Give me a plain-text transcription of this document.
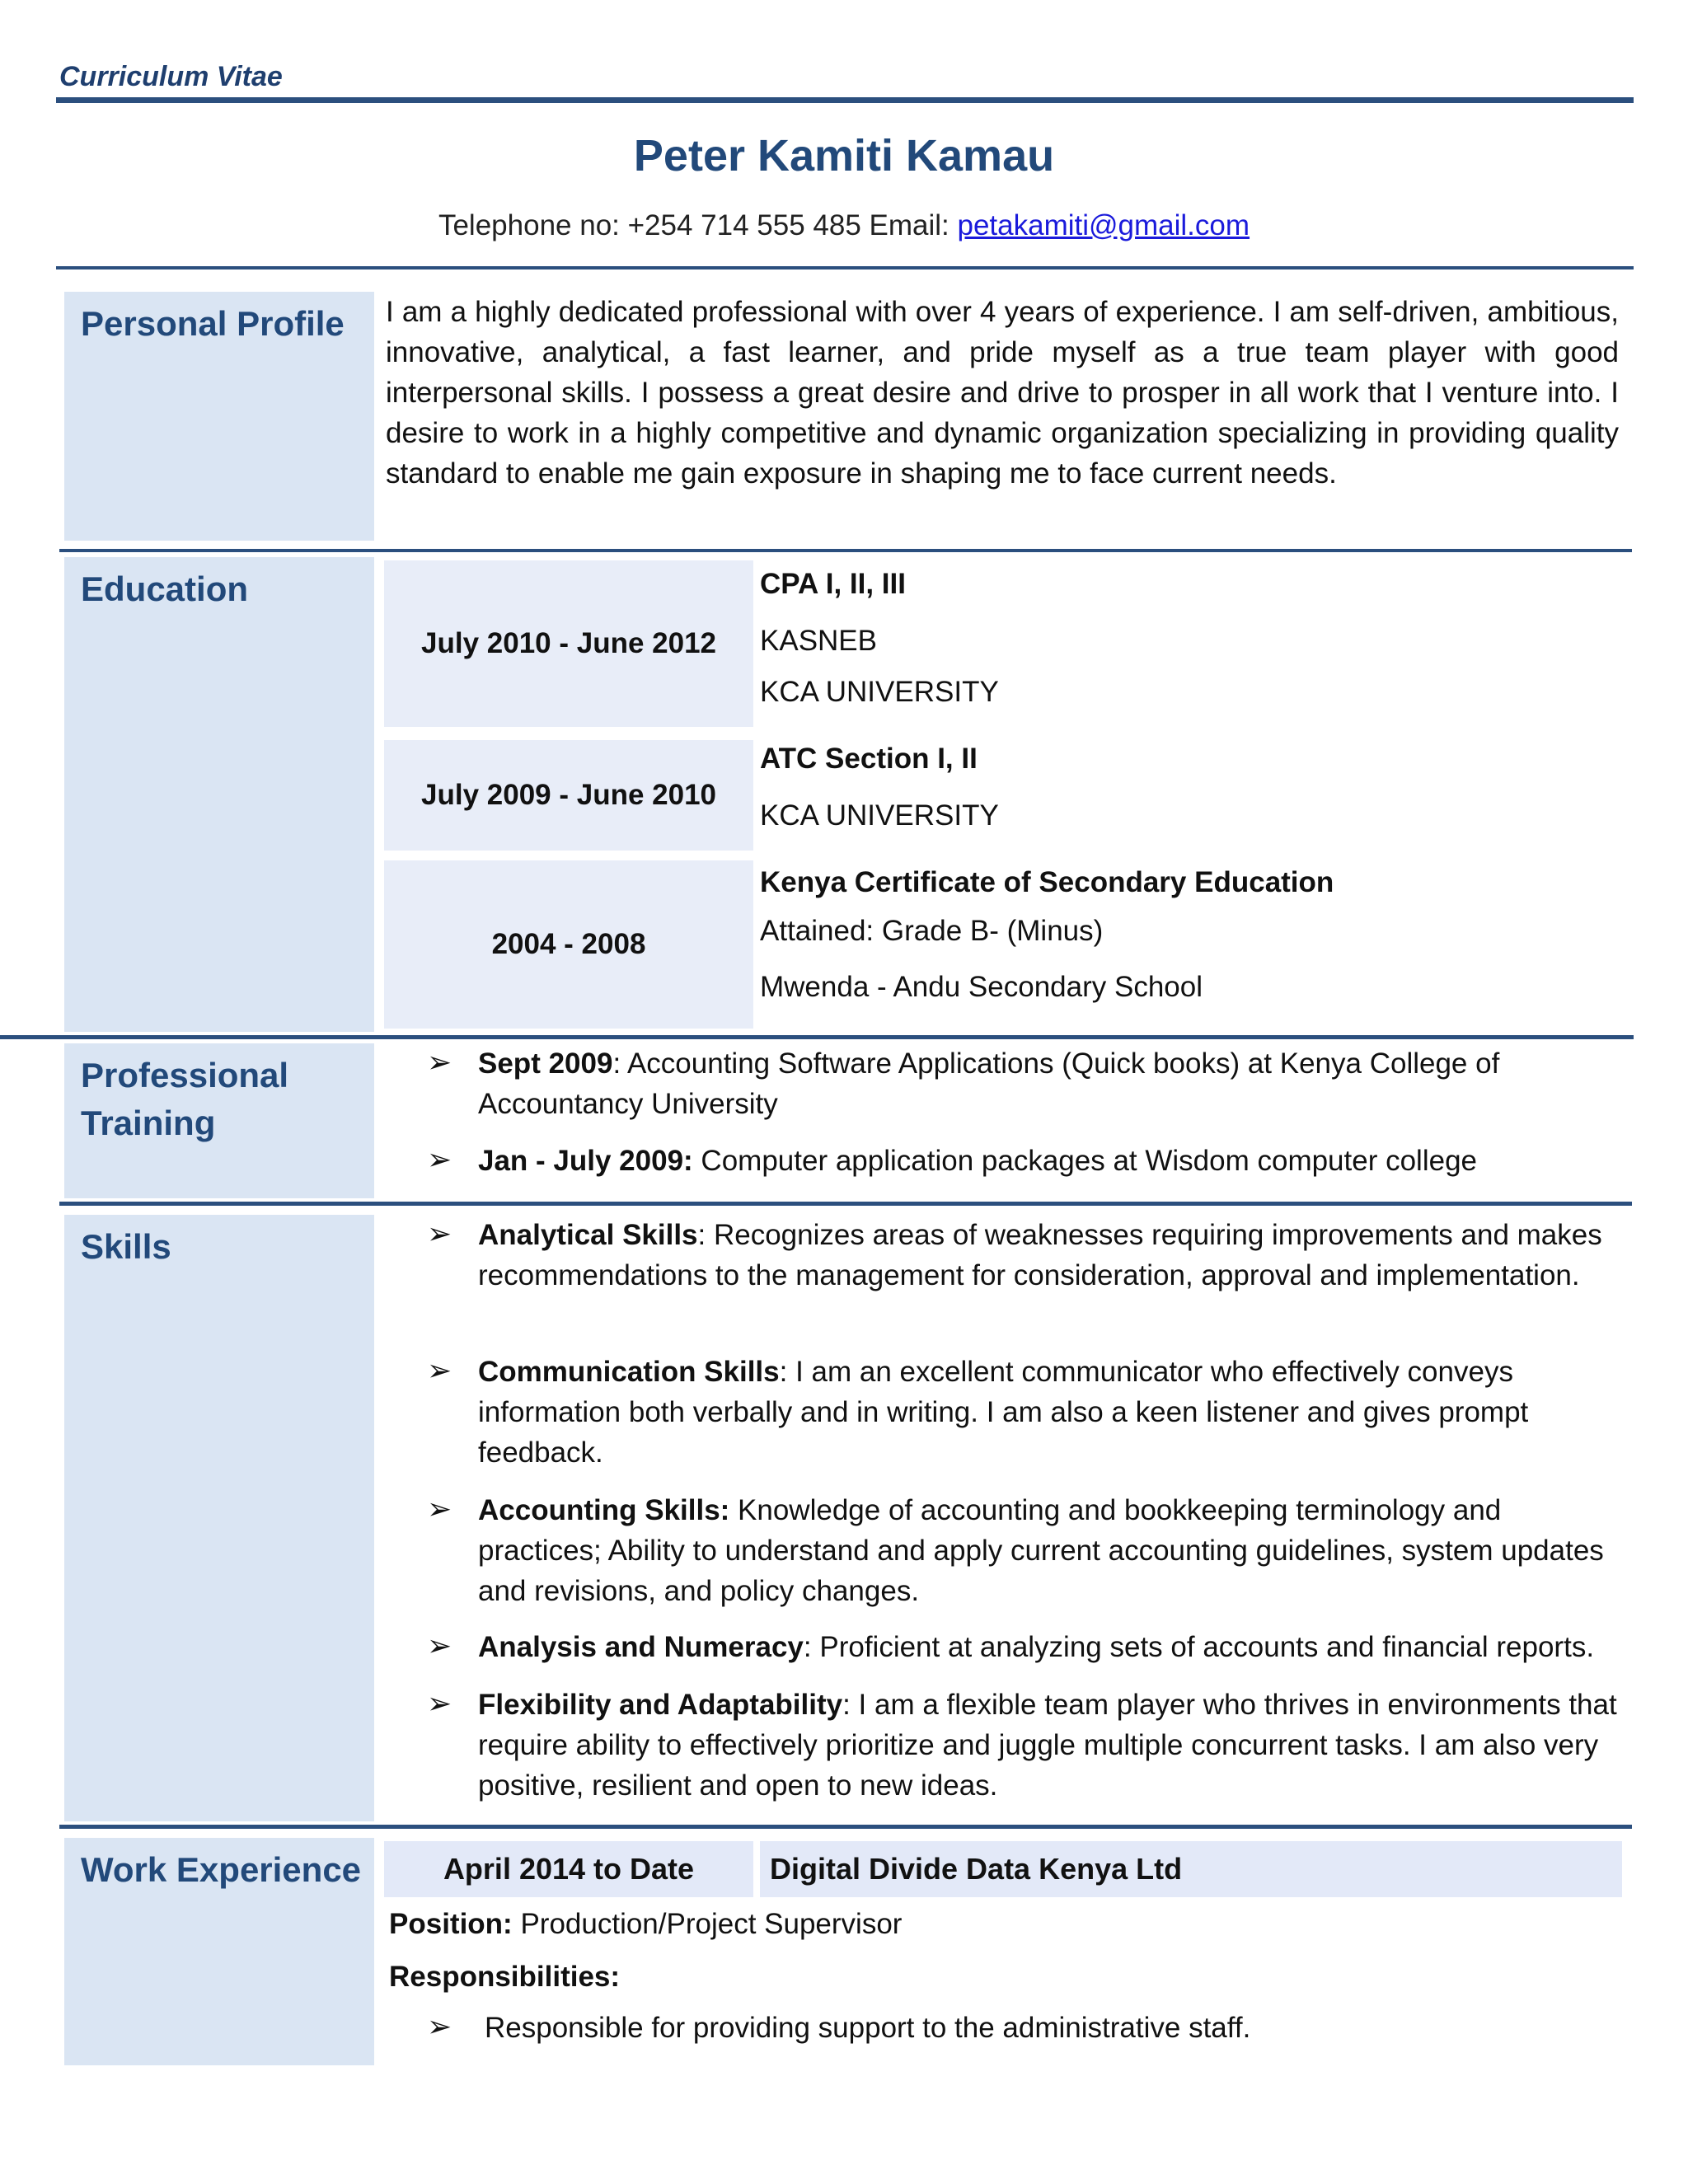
Curriculum Vitae
Peter Kamiti Kamau
Telephone no: +254 714 555 485 Email: petakamiti@gmail.com
Personal Profile I am a highly dedicated professional with over 4 years of experience. I am self-driven, ambitious, innovative, analytical, a fast learner, and pride myself as a true team player with good interpersonal skills. I possess a great desire and drive to prosper in all work that I venture into. I desire to work in a highly competitive and dynamic organization specializing in providing quality standard to enable me gain exposure in shaping me to face current needs.
Education
July 2010 - June 2012
CPA I, II, III
KASNEB
KCA UNIVERSITY
July 2009 - June 2010
ATC Section I, II
KCA UNIVERSITY
2004 - 2008
Kenya Certificate of Secondary Education
Attained: Grade B- (Minus)
Mwenda - Andu Secondary School
Professional
Training
➢ Sept 2009: Accounting Software Applications (Quick books) at Kenya College of Accountancy University
➢ Jan - July 2009: Computer application packages at Wisdom computer college
Skills	➢ Analytical Skills: Recognizes areas of weaknesses requiring improvements and makes recommendations to the management for consideration, approval and implementation.
➢ Communication Skills: I am an excellent communicator who effectively conveys information both verbally and in writing. I am also a keen listener and gives prompt feedback.
➢ Accounting Skills: Knowledge of accounting and bookkeeping terminology and practices; Ability to understand and apply current accounting guidelines, system updates and revisions, and policy changes.
➢ Analysis and Numeracy: Proficient at analyzing sets of accounts and financial reports.
➢ Flexibility and Adaptability: I am a flexible team player who thrives in environments that require ability to effectively prioritize and juggle multiple concurrent tasks. I am also very positive, resilient and open to new ideas.
Work Experience	April 2014 to Date	Digital Divide Data Kenya Ltd
Position: Production/Project Supervisor
Responsibilities:
➢	Responsible for providing support to the administrative staff.
